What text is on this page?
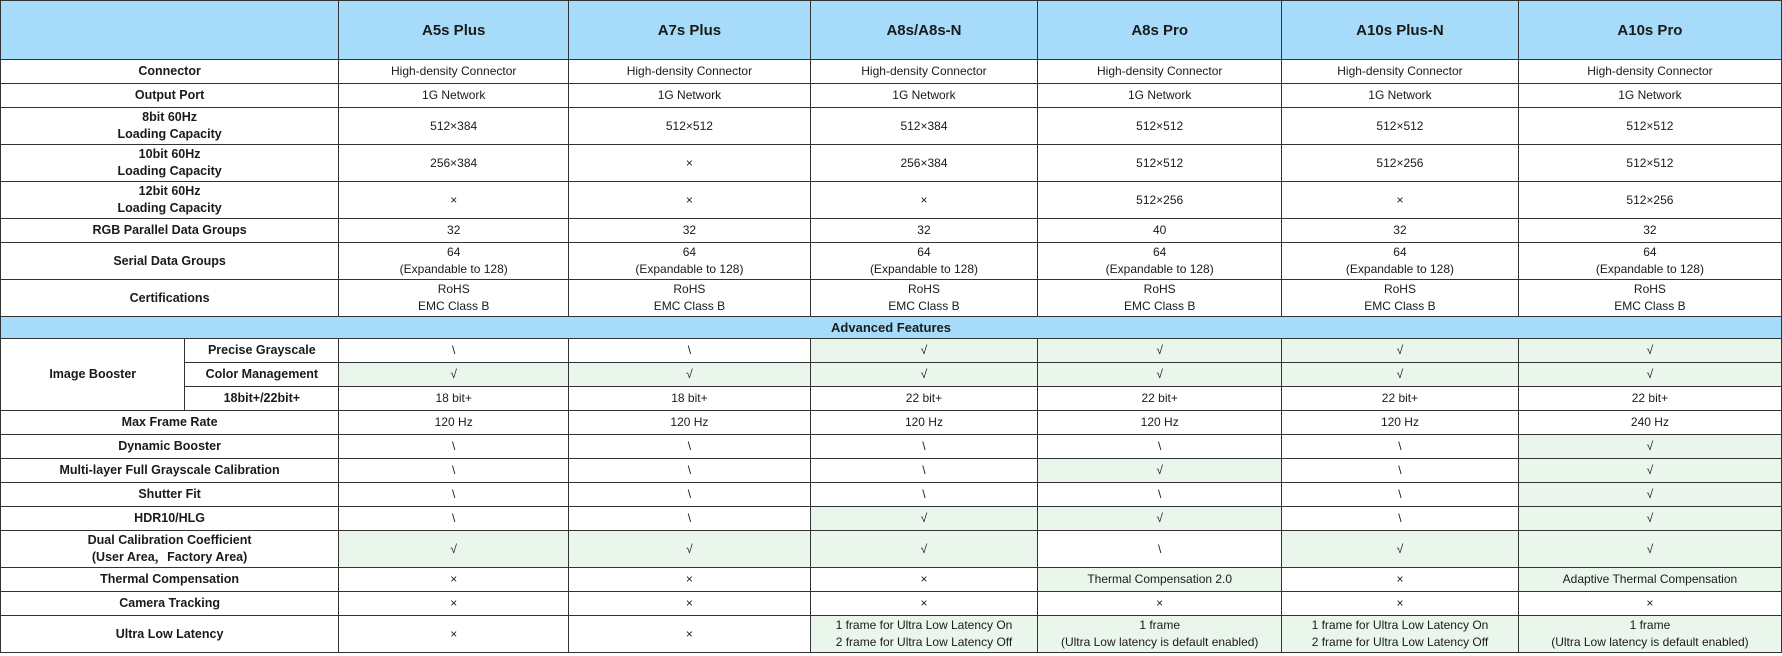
		A5s Plus	A7s Plus	A8s/A8s-N	A8s Pro	A10s Plus-N	A10s Pro

Connector		High-density Connector	High-density Connector	High-density Connector	High-density Connector	High-density Connector	High-density Connector

Output Port		1G Network	1G Network	1G Network	1G Network	1G Network	1G Network

8bit 60Hz
Loading Capacity		512×384	512×512	512×384	512×512	512×512	512×512

10bit 60Hz
Loading Capacity		256×384	×	256×384	512×512	512×256	512×512

12bit 60Hz
Loading Capacity		×	×	×	512×256	×	512×256

RGB Parallel Data Groups		32	32	32	40	32	32

Serial Data Groups		64
(Expandable to 128)	64
(Expandable to 128)	64
(Expandable to 128)	64
(Expandable to 128)	64
(Expandable to 128)	64
(Expandable to 128)

Certifications		RoHS
EMC Class B	RoHS
EMC Class B	RoHS
EMC Class B	RoHS
EMC Class B	RoHS
EMC Class B	RoHS
EMC Class B

Advanced Features							
Image Booster	Precise Grayscale	\	\	√	√	√	√
	Color Management	√	√	√	√	√	√
	18bit+/22bit+	18 bit+	18 bit+	22 bit+	22 bit+	22 bit+	22 bit+

Max Frame Rate		120 Hz	120 Hz	120 Hz	120 Hz	120 Hz	240 Hz

Dynamic Booster		\	\	\	\	\	√

Multi-layer Full Grayscale Calibration		\	\	\	√	\	√

Shutter Fit		\	\	\	\	\	√

HDR10/HLG		\	\	√	√	\	√

Dual Calibration Coefficient
(User Area，Factory Area)		√	√	√	\	√	√

Thermal Compensation		×	×	×	Thermal Compensation 2.0	×	Adaptive Thermal Compensation

Camera Tracking		×	×	×	×	×	×

Ultra Low Latency		×	×	1 frame for Ultra Low Latency On
2 frame for Ultra Low Latency Off	1 frame
(Ultra Low latency is default enabled)	1 frame for Ultra Low Latency On
2 frame for Ultra Low Latency Off	1 frame
(Ultra Low latency is default enabled)
